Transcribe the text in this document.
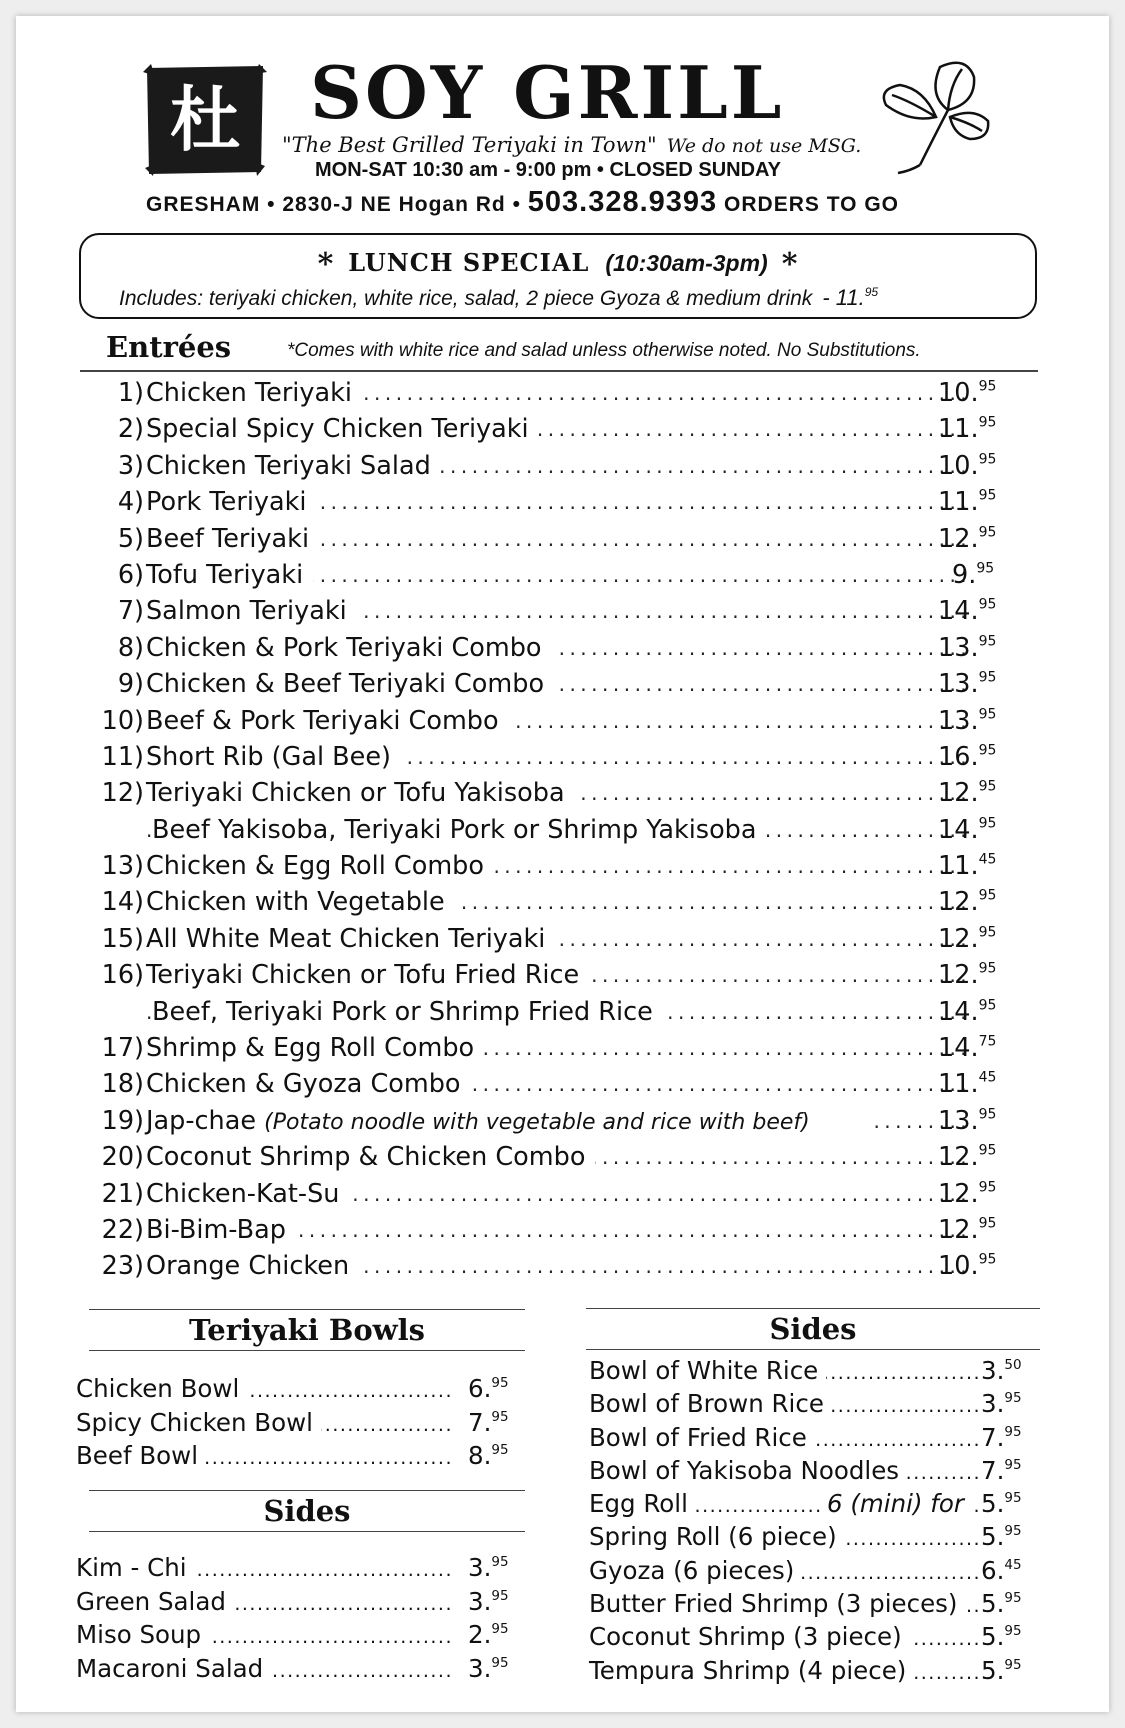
杜 SOY GRILL
"The Best Grilled Teriyaki in Town" We do not use MSG.
MON-SAT 10:30 am - 9:00 pm • CLOSED SUNDAY
GRESHAM • 2830-J NE Hogan Rd • 503.328.9393 ORDERS TO GO
* LUNCH SPECIAL (10:30am-3pm) *
Includes: teriyaki chicken, white rice, salad, 2 piece Gyoza & medium drink - 11.95
Entrées	*Comes with white rice and salad unless otherwise noted. No Substitutions.
.....
1) Chicken Teriyaki	10.95
.....
2) Special Spicy Chicken Teriyaki	11.95
.....
3) Chicken Teriyaki Salad	10.95
.....
4) Pork Teriyaki	11.95
.....
5) Beef Teriyaki	12.95
.....
6) Tofu Teriyaki	9.95
.....
7) Salmon Teriyaki	14.95
.....
8) Chicken & Pork Teriyaki Combo	13.95
.....
9) Chicken & Beef Teriyaki Combo	13.95
.....
10) Beef & Pork Teriyaki Combo	13.95
.....
11) Short Rib (Gal Bee)	16.95
.....
12) Teriyaki Chicken or Tofu Yakisoba	12.95
.....
Beef Yakisoba, Teriyaki Pork or Shrimp Yakisoba	14.95
.....
13) Chicken & Egg Roll Combo	11.45
.....
14) Chicken with Vegetable	12.95
.....
15) All White Meat Chicken Teriyaki	12.95
.....
16) Teriyaki Chicken or Tofu Fried Rice	12.95
.....
Beef, Teriyaki Pork or Shrimp Fried Rice	14.95
.....
17) Shrimp & Egg Roll Combo	14.75
.....
18) Chicken & Gyoza Combo	11.45
.....
19) Jap-chae (Potato noodle with vegetable and rice with beef)	13.95
.....
20) Coconut Shrimp & Chicken Combo	12.95
.....
21) Chicken-Kat-Su	12.95
.....
22) Bi-Bim-Bap	12.95
.....
23) Orange Chicken	10.95
Teriyaki Bowls
.....
Chicken Bowl	6.95
.....
Spicy Chicken Bowl	7.95
.....
Beef Bowl	8.95
Sides
.....
Kim - Chi	3.95
.....
Green Salad	3.95
.....
Miso Soup	2.95
.....
Macaroni Salad	3.95
Sides
.....
Bowl of White Rice	3.50
.....
Bowl of Brown Rice	3.95
.....
Bowl of Fried Rice	7.95
.....
Bowl of Yakisoba Noodles	7.95
.....
Egg Roll	6 (mini) for 5.95
.....
Spring Roll (6 piece)	5.95
.....
Gyoza (6 pieces)	6.45
.....
Butter Fried Shrimp (3 pieces) 5.95
.....
Coconut Shrimp (3 piece)	5.95
.....
Tempura Shrimp (4 piece)	5.95
